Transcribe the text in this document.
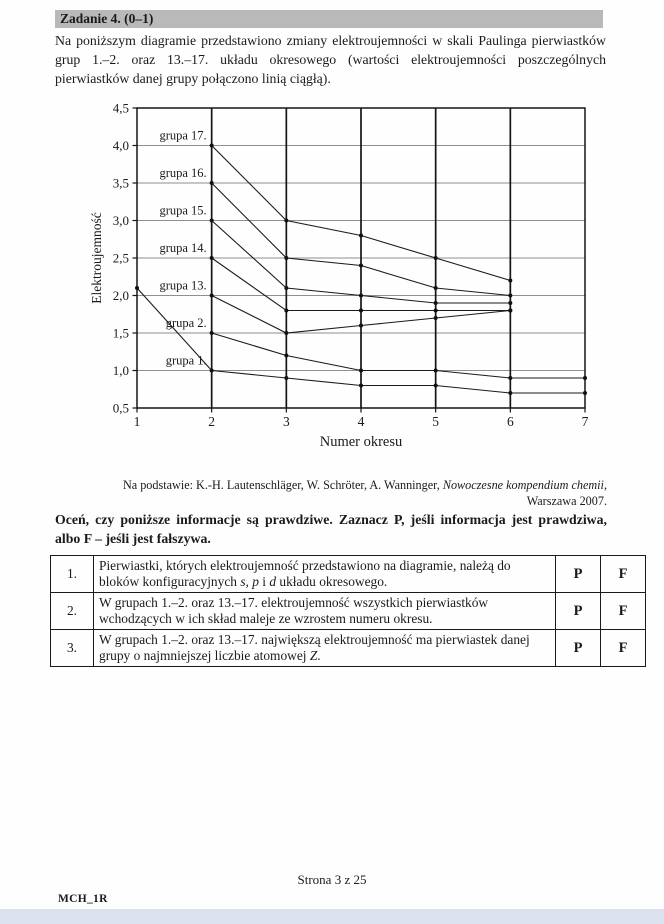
Zadanie 4. (0–1)
Na poniższym diagramie przedstawiono zmiany elektroujemności w skali Paulinga pierwiastków grup 1.–2. oraz 13.–17. układu okresowego (wartości elektroujemności poszczególnych pierwiastków danej grupy połączono linią ciągłą).
1	2	3	4	5	6	7
4,5
4,0
3,5
3,0
2,5
2,0
1,5
1,0
0,5
Numer okresu
Elektroujemność
grupa 1.
grupa 2.
grupa 13.
grupa 14.
grupa 15.
grupa 16.
grupa 17.
Na podstawie: K.-H. Lautenschläger, W. Schröter, A. Wanninger, Nowoczesne kompendium chemii,
Warszawa 2007.
Oceń, czy poniższe informacje są prawdziwe. Zaznacz P, jeśli informacja jest prawdziwa, albo F – jeśli jest fałszywa.
1.	Pierwiastki, których elektroujemność przedstawiono na diagramie, należą do bloków konfiguracyjnych s, p i d układu okresowego.	P	F
2.	W grupach 1.–2. oraz 13.–17. elektroujemność wszystkich pierwiastków wchodzących w ich skład maleje ze wzrostem numeru okresu.	P	F
3.	W grupach 1.–2. oraz 13.–17. największą elektroujemność ma pierwiastek danej grupy o najmniejszej liczbie atomowej Z.	P	F
Strona 3 z 25
MCH_1R
